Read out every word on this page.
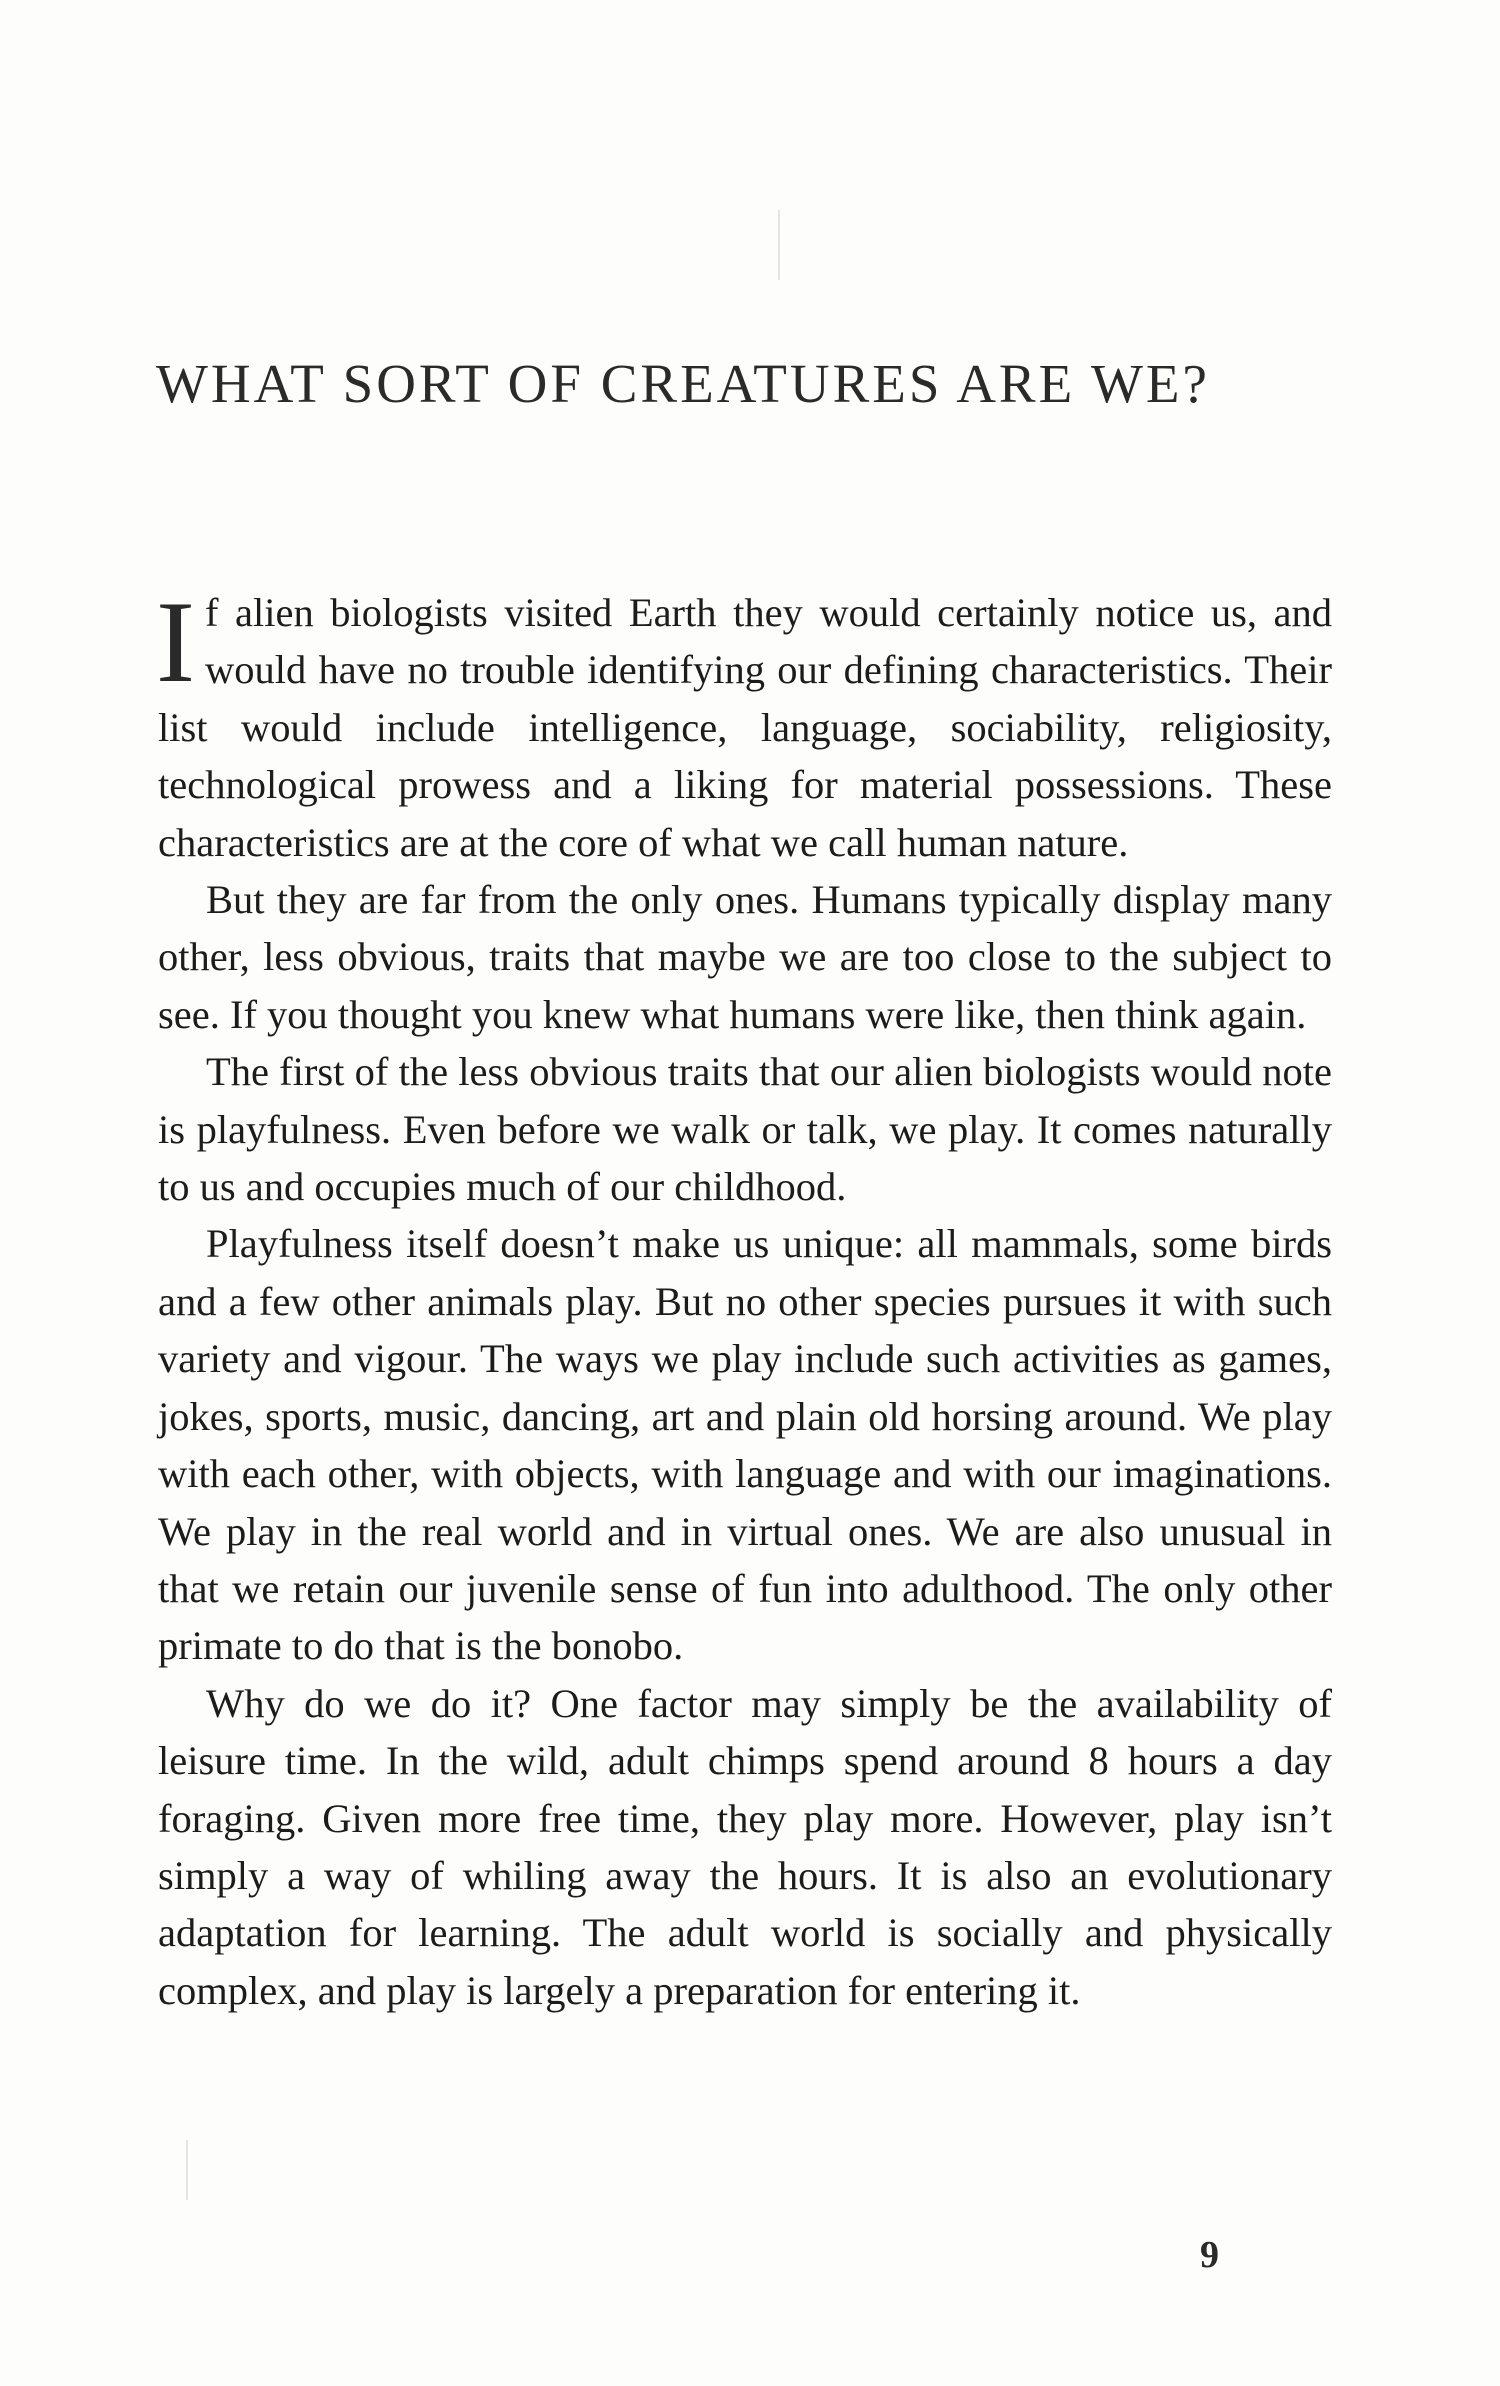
WHAT SORT OF CREATURES ARE WE?

If alien biologists visited Earth they would certainly notice us, and would have no trouble identifying our defining characteristics. Their list would include intelligence, language, sociability, religiosity, technological prowess and a liking for material possessions. These characteristics are at the core of what we call human nature.

But they are far from the only ones. Humans typically display many other, less obvious, traits that maybe we are too close to the subject to see. If you thought you knew what humans were like, then think again.

The first of the less obvious traits that our alien biologists would note is playfulness. Even before we walk or talk, we play. It comes naturally to us and occupies much of our childhood.

Playfulness itself doesn’t make us unique: all mammals, some birds and a few other animals play. But no other species pursues it with such variety and vigour. The ways we play include such activities as games, jokes, sports, music, dancing, art and plain old horsing around. We play with each other, with objects, with language and with our imaginations. We play in the real world and in virtual ones. We are also unusual in that we retain our juvenile sense of fun into adulthood. The only other primate to do that is the bonobo.

Why do we do it? One factor may simply be the availability of leisure time. In the wild, adult chimps spend around 8 hours a day foraging. Given more free time, they play more. However, play isn’t simply a way of whiling away the hours. It is also an evolutionary adaptation for learning. The adult world is socially and physically complex, and play is largely a preparation for entering it.

9
